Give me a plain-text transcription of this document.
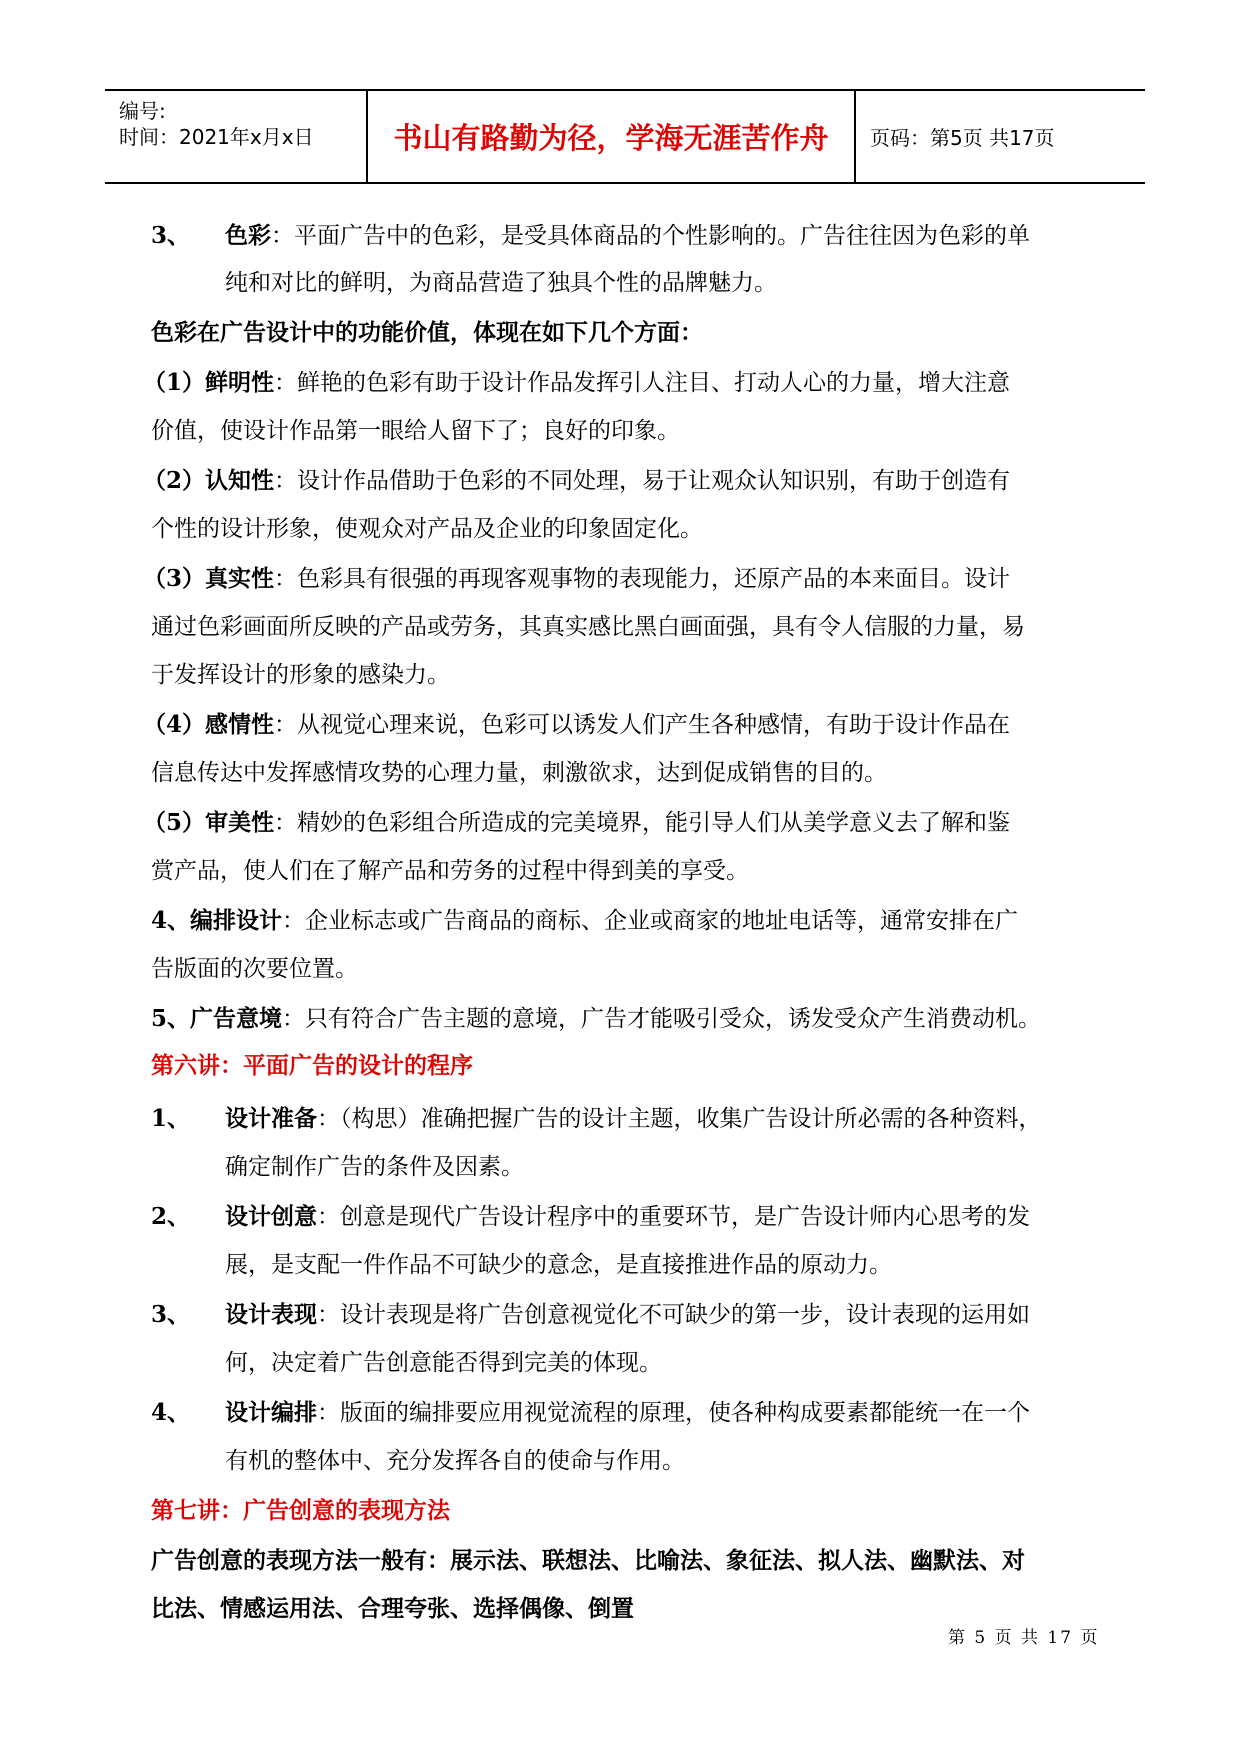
编号:
时间：2021年x月x日	书山有路勤为径，学海无涯苦作舟	页码：第5页 共17页
3、 色彩：平面广告中的色彩，是受具体商品的个性影响的。广告往往因为色彩的单
纯和对比的鲜明，为商品营造了独具个性的品牌魅力。
色彩在广告设计中的功能价值，体现在如下几个方面：
（1）鲜明性：鲜艳的色彩有助于设计作品发挥引人注目、打动人心的力量，增大注意
价值，使设计作品第一眼给人留下了；良好的印象。
（2）认知性：设计作品借助于色彩的不同处理，易于让观众认知识别，有助于创造有
个性的设计形象，使观众对产品及企业的印象固定化。
（3）真实性：色彩具有很强的再现客观事物的表现能力，还原产品的本来面目。设计
通过色彩画面所反映的产品或劳务，其真实感比黑白画面强，具有令人信服的力量，易
于发挥设计的形象的感染力。
（4）感情性：从视觉心理来说，色彩可以诱发人们产生各种感情，有助于设计作品在
信息传达中发挥感情攻势的心理力量，刺激欲求，达到促成销售的目的。
（5）审美性：精妙的色彩组合所造成的完美境界，能引导人们从美学意义去了解和鉴
赏产品，使人们在了解产品和劳务的过程中得到美的享受。
4、编排设计：企业标志或广告商品的商标、企业或商家的地址电话等，通常安排在广
告版面的次要位置。
5、广告意境：只有符合广告主题的意境，广告才能吸引受众，诱发受众产生消费动机。
第六讲：平面广告的设计的程序
1、 设计准备：（构思）准确把握广告的设计主题，收集广告设计所必需的各种资料，
确定制作广告的条件及因素。
2、 设计创意：创意是现代广告设计程序中的重要环节，是广告设计师内心思考的发
展，是支配一件作品不可缺少的意念，是直接推进作品的原动力。
3、 设计表现：设计表现是将广告创意视觉化不可缺少的第一步，设计表现的运用如
何，决定着广告创意能否得到完美的体现。
4、 设计编排：版面的编排要应用视觉流程的原理，使各种构成要素都能统一在一个
有机的整体中、充分发挥各自的使命与作用。
第七讲：广告创意的表现方法
广告创意的表现方法一般有：展示法、联想法、比喻法、象征法、拟人法、幽默法、对
比法、情感运用法、合理夸张、选择偶像、倒置
第 5 页 共 17 页
